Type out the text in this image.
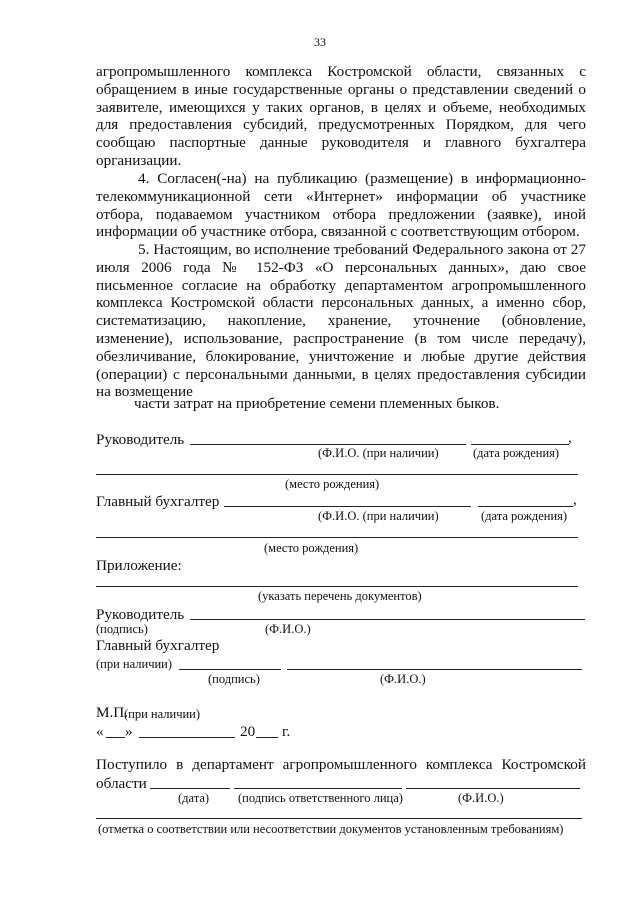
33

агропромышленного комплекса Костромской области, связанных с обращением в иные государственные органы о представлении сведений о заявителе, имеющихся у таких органов, в целях и объеме, необходимых для предоставления субсидий, предусмотренных Порядком, для чего сообщаю паспортные данные руководителя и главного бухгалтера организации.

4. Согласен(-на) на публикацию (размещение) в информационно-телекоммуникационной сети «Интернет» информации об участнике отбора, подаваемом участником отбора предложении (заявке), иной информации об участнике отбора, связанной с соответствующим отбором.

5. Настоящим, во исполнение требований Федерального закона от 27 июля 2006 года № 152-ФЗ «О персональных данных», даю свое письменное согласие на обработку департаментом агропромышленного комплекса Костромской области персональных данных, а именно сбор, систематизацию, накопление, хранение, уточнение (обновление, изменение), использование, распространение (в том числе передачу), обезличивание, блокирование, уничтожение и любые другие действия (операции) с персональными данными, в целях предоставления субсидии на возмещение

части затрат на приобретение семени племенных быков.
Руководитель	,
(Ф.И.О. (при наличии)	(дата рождения)
(место рождения)
Главный бухгалтер	,
(Ф.И.О. (при наличии)	(дата рождения)
(место рождения)
Приложение:
(указать перечень документов)
Руководитель
(подпись)	(Ф.И.О.)
Главный бухгалтер
(при наличии)
(подпись)	(Ф.И.О.)
М.П.
(при наличии)
« »	20 г.
Поступило в департамент агропромышленного комплекса Костромской
области
(дата) (подпись ответственного лица)	(Ф.И.О.)
(отметка о соответствии или несоответствии документов установленным требованиям)
